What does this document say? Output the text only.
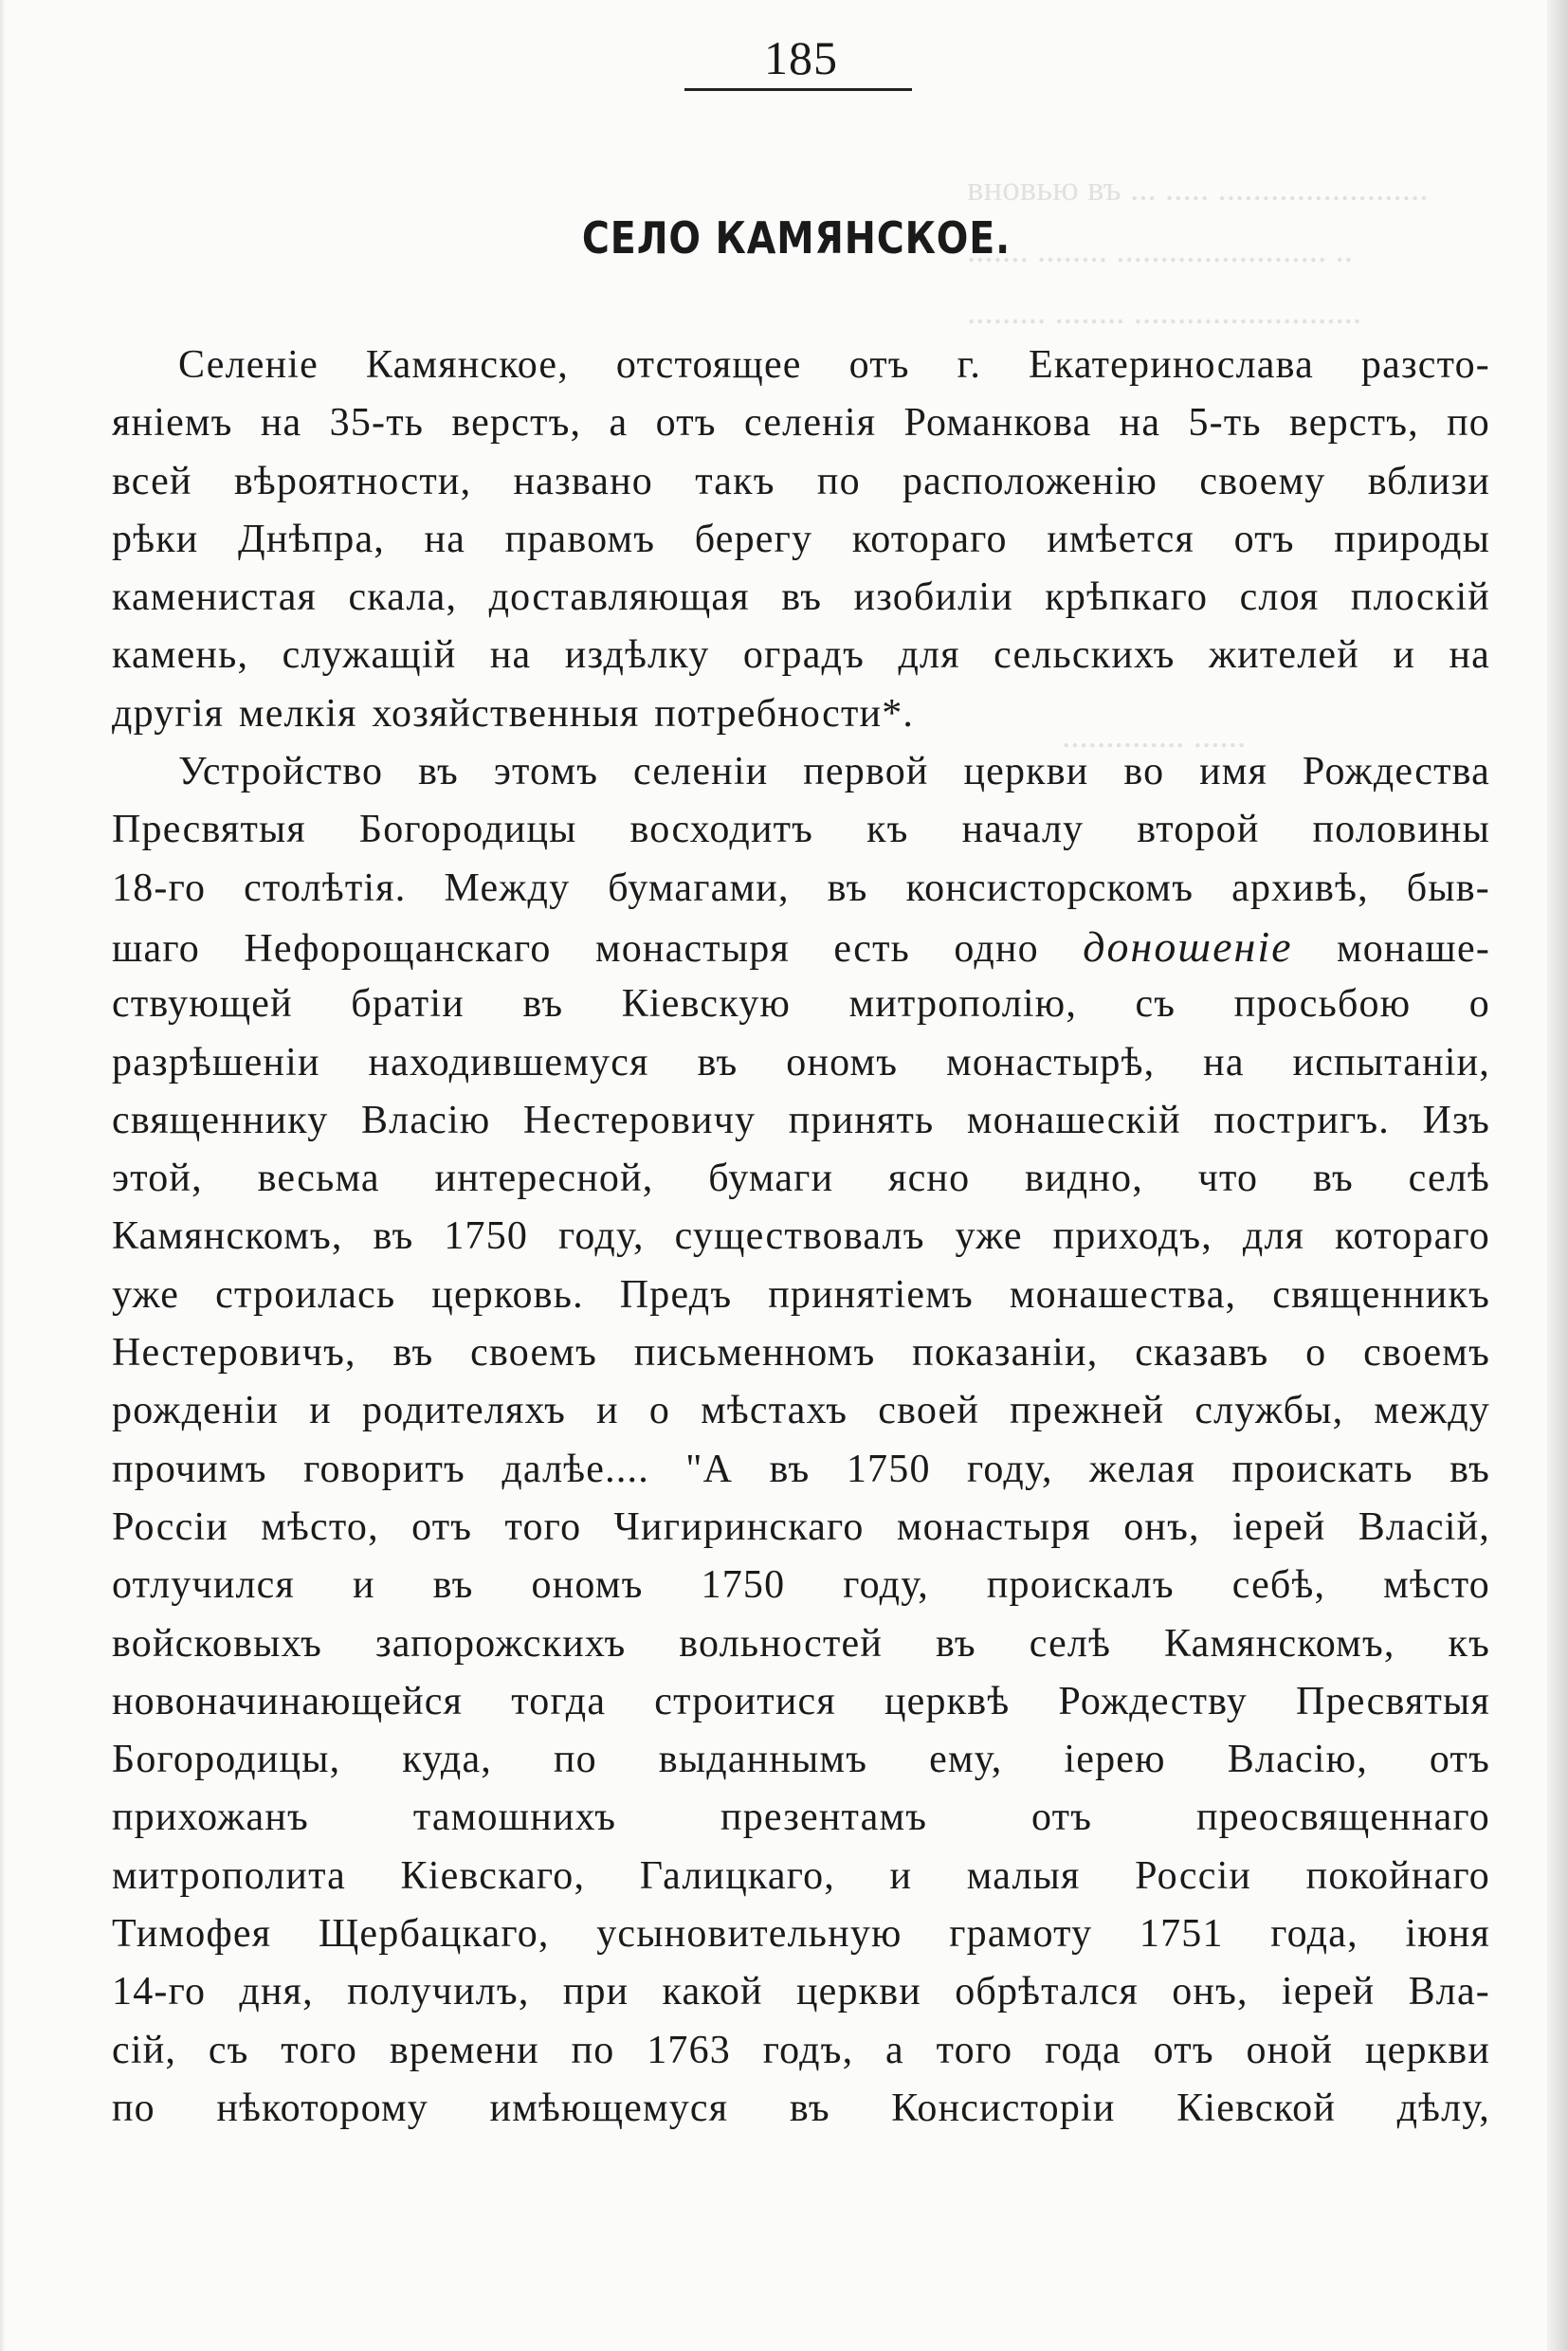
вновью въ ... ..... ........................
....... ........ ........................ ..
......... ........ ..........................
.............. ......
185
СЕЛО КАМЯНСКОЕ.
Селеніе Камянское, отстоящее отъ г. Екатеринослава разсто-
яніемъ на 35-ть верстъ, а отъ селенія Романкова на 5-ть верстъ, по
всей вѣроятности, названо такъ по расположенію своему вблизи
рѣки Днѣпра, на правомъ берегу котораго имѣется отъ природы
каменистая скала, доставляющая въ изобиліи крѣпкаго слоя плоскій
камень, служащій на издѣлку оградъ для сельскихъ жителей и на
другія мелкія хозяйственныя потребности*.
Устройство въ этомъ селеніи первой церкви во имя Рождества
Пресвятыя Богородицы восходитъ къ началу второй половины
18-го столѣтія. Между бумагами, въ консисторскомъ архивѣ, быв-
шаго Нефорощанскаго монастыря есть одно доношеніе монаше-
ствующей братіи въ Кіевскую митрополію, съ просьбою о
разрѣшеніи находившемуся въ ономъ монастырѣ, на испытаніи,
священнику Власію Нестеровичу принять монашескій постригъ. Изъ
этой, весьма интересной, бумаги ясно видно, что въ селѣ
Камянскомъ, въ 1750 году, существовалъ уже приходъ, для котораго
уже строилась церковь. Предъ принятіемъ монашества, священникъ
Нестеровичъ, въ своемъ письменномъ показаніи, сказавъ о своемъ
рожденіи и родителяхъ и о мѣстахъ своей прежней службы, между
прочимъ говоритъ далѣе.... "А въ 1750 году, желая проискать въ
Россіи мѣсто, отъ того Чигиринскаго монастыря онъ, іерей Власій,
отлучился и въ ономъ 1750 году, проискалъ себѣ, мѣсто
войсковыхъ запорожскихъ вольностей въ селѣ Камянскомъ, къ
новоначинающейся тогда строитися церквѣ Рождеству Пресвятыя
Богородицы, куда, по выданнымъ ему, іерею Власію, отъ
прихожанъ тамошнихъ презентамъ отъ преосвященнаго
митрополита Кіевскаго, Галицкаго, и малыя Россіи покойнаго
Тимофея Щербацкаго, усыновительную грамоту 1751 года, іюня
14-го дня, получилъ, при какой церкви обрѣтался онъ, іерей Вла-
сій, съ того времени по 1763 годъ, а того года отъ оной церкви
по нѣкоторому имѣющемуся въ Консисторіи Кіевской дѣлу,
